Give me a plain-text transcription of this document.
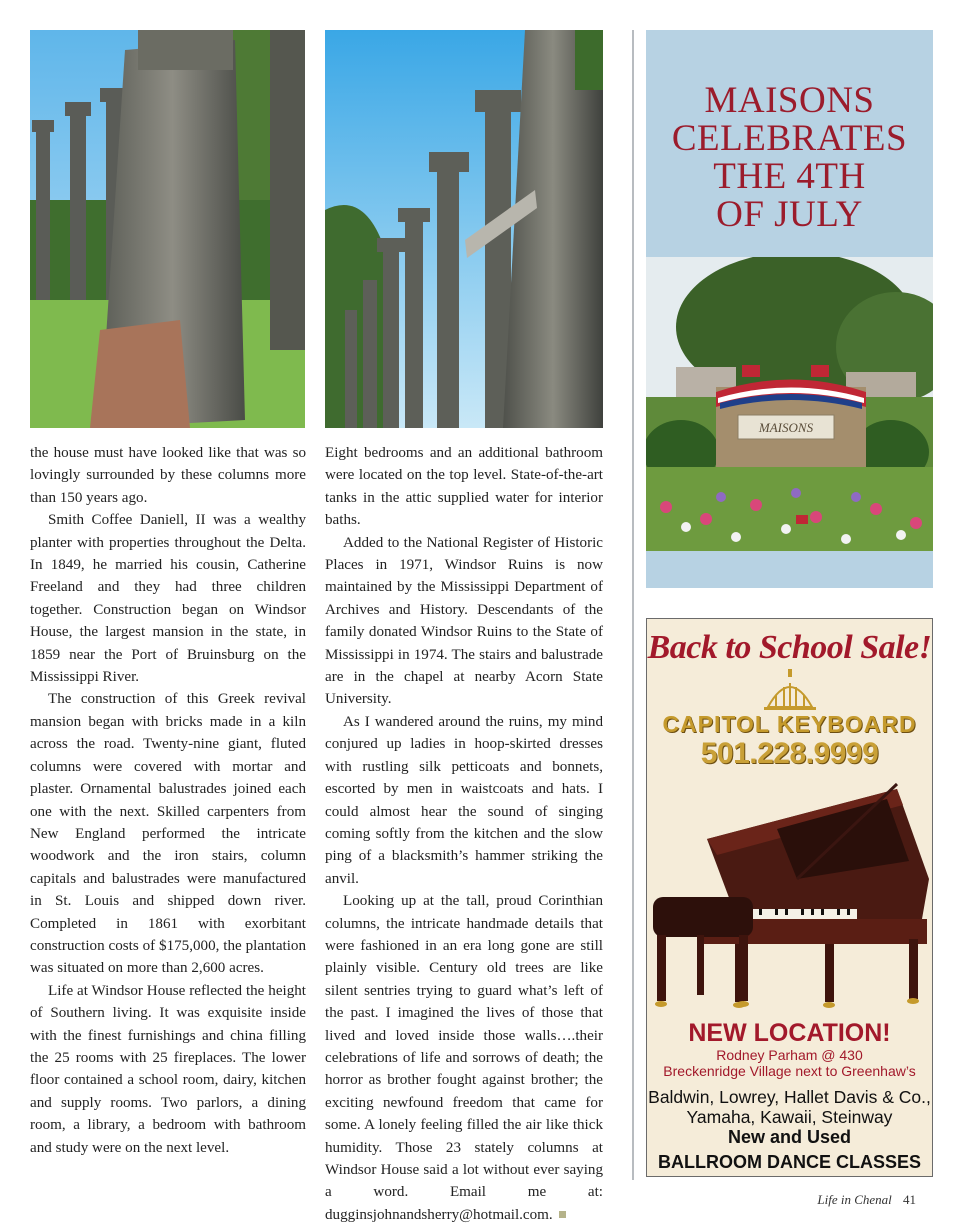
the house must have looked like that was so lovingly surrounded by these columns more than 150 years ago.

Smith Coffee Daniell, II was a wealthy planter with properties throughout the Delta. In 1849, he married his cousin, Catherine Freeland and they had three children together. Construction began on Windsor House, the largest mansion in the state, in 1859 near the Port of Bruinsburg on the Mississippi River.

The construction of this Greek revival mansion began with bricks made in a kiln across the road. Twenty-nine giant, fluted columns were covered with mortar and plaster. Ornamental balustrades joined each one with the next. Skilled carpenters from New England performed the intricate woodwork and the iron stairs, column capitals and balustrades were manufactured in St. Louis and shipped down river. Completed in 1861 with exorbitant construction costs of $175,000, the plantation was situated on more than 2,600 acres.

Life at Windsor House reflected the height of Southern living. It was exquisite inside with the finest furnishings and china filling the 25 rooms with 25 fireplaces. The lower floor contained a school room, dairy, kitchen and supply rooms. Two parlors, a dining room, a library, a bedroom with bathroom and study were on the next level.

Eight bedrooms and an additional bathroom were located on the top level. State-of-the-art tanks in the attic supplied water for interior baths.

Added to the National Register of Historic Places in 1971, Windsor Ruins is now maintained by the Mississippi Department of Archives and History. Descendants of the family donated Windsor Ruins to the State of Mississippi in 1974. The stairs and balustrade are in the chapel at nearby Acorn State University.

As I wandered around the ruins, my mind conjured up ladies in hoop-skirted dresses with rustling silk petticoats and bonnets, escorted by men in waistcoats and hats. I could almost hear the sound of singing coming softly from the kitchen and the slow ping of a blacksmith’s hammer striking the anvil.

Looking up at the tall, proud Corinthian columns, the intricate handmade details that were fashioned in an era long gone are still plainly visible. Century old trees are like silent sentries trying to guard what’s left of the past. I imagined the lives of those that lived and loved inside those walls….their celebrations of life and sorrows of death; the horror as brother fought against brother; the exciting newfound freedom that came for some. A lonely feeling filled the air like thick humidity. Those 23 stately columns at Windsor House said a lot without ever saying a word. Email me at: dugginsjohnandsherry@hotmail.com.

MAISONS
CELEBRATES
THE 4TH
OF JULY
MAISONS
Back to School Sale!
CAPITOL KEYBOARD
501.228.9999
NEW LOCATION!
Rodney Parham @ 430
Breckenridge Village next to Greenhaw’s
Baldwin, Lowrey, Hallet Davis & Co.,
Yamaha, Kawaii, Steinway
New and Used
BALLROOM DANCE CLASSES
Life in Chenal 41
